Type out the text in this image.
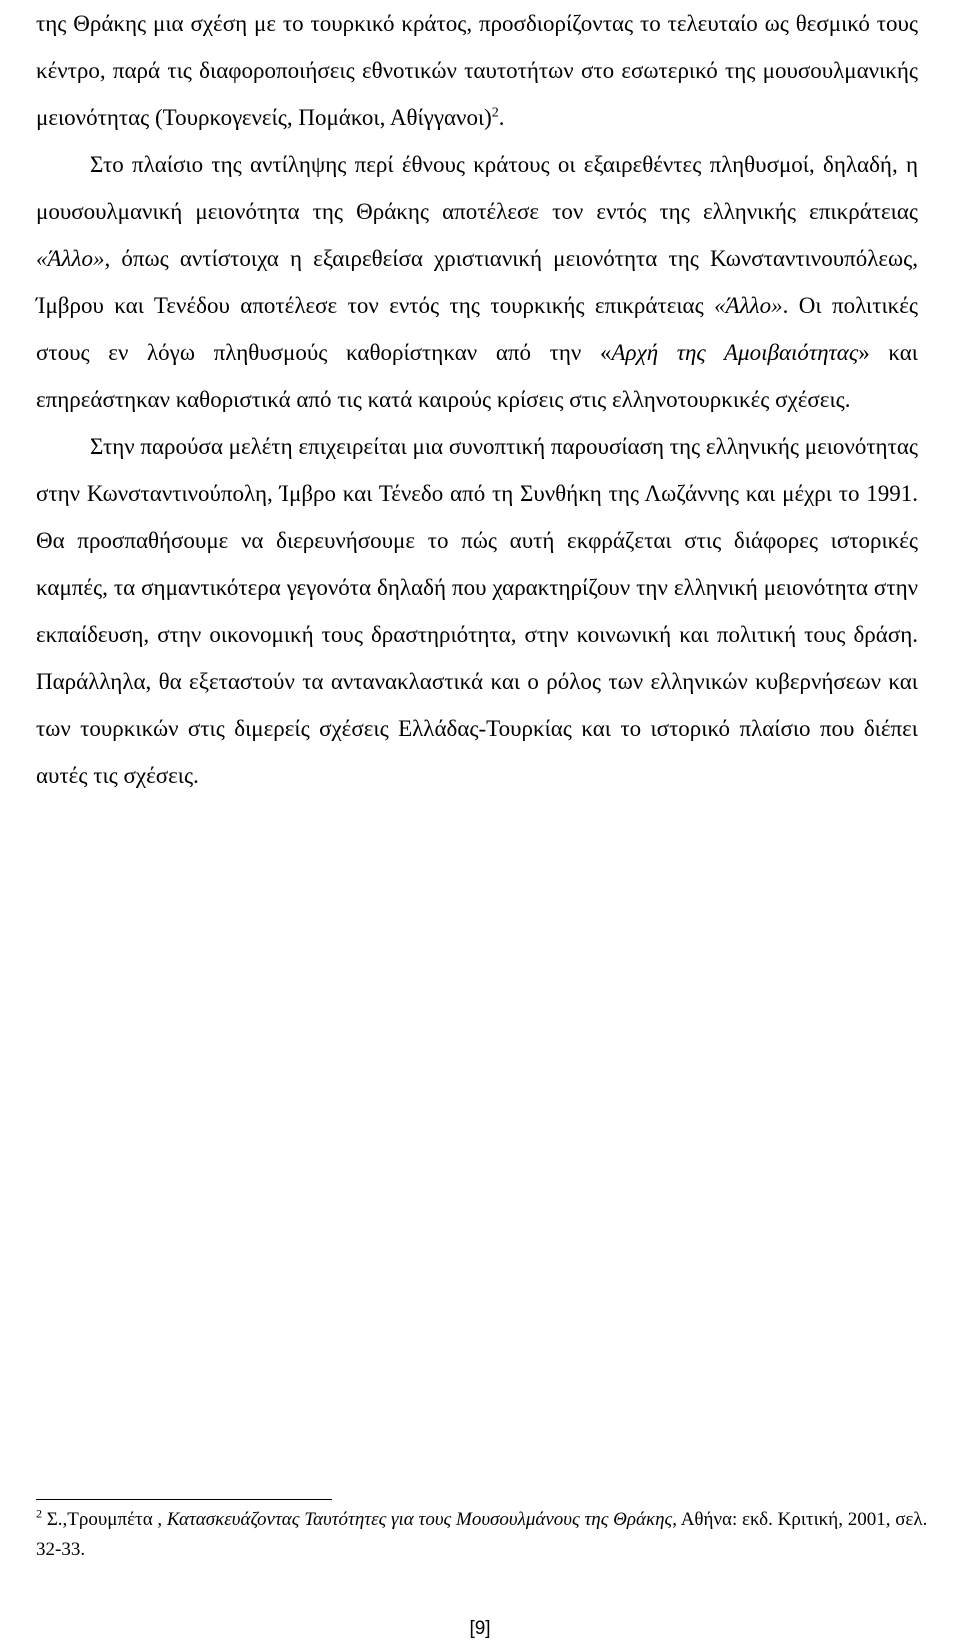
της Θράκης μια σχέση με το τουρκικό κράτος, προσδιορίζοντας το τελευταίο ως θεσμικό τους κέντρο, παρά τις διαφοροποιήσεις εθνοτικών ταυτοτήτων στο εσωτερικό της μουσουλμανικής μειονότητας (Τουρκογενείς, Πομάκοι, Αθίγγανοι)$^2$.

Στο πλαίσιο της αντίληψης περί έθνους κράτους οι εξαιρεθέντες πληθυσμοί, δηλαδή, η μουσουλμανική μειονότητα της Θράκης αποτέλεσε τον εντός της ελληνικής επικράτειας «Άλλο», όπως αντίστοιχα η εξαιρεθείσα χριστιανική μειονότητα της Κωνσταντινουπόλεως, Ίμβρου και Τενέδου αποτέλεσε τον εντός της τουρκικής επικράτειας «Άλλο». Οι πολιτικές στους εν λόγω πληθυσμούς καθορίστηκαν από την «Αρχή της Αμοιβαιότητας» και επηρεάστηκαν καθοριστικά από τις κατά καιρούς κρίσεις στις ελληνοτουρκικές σχέσεις.

Στην παρούσα μελέτη επιχειρείται μια συνοπτική παρουσίαση της ελληνικής μειονότητας στην Κωνσταντινούπολη, Ίμβρο και Τένεδο από τη Συνθήκη της Λωζάννης και μέχρι το 1991. Θα προσπαθήσουμε να διερευνήσουμε το πώς αυτή εκφράζεται στις διάφορες ιστορικές καμπές, τα σημαντικότερα γεγονότα δηλαδή που χαρακτηρίζουν την ελληνική μειονότητα στην εκπαίδευση, στην οικονομική τους δραστηριότητα, στην κοινωνική και πολιτική τους δράση. Παράλληλα, θα εξεταστούν τα αντανακλαστικά και ο ρόλος των ελληνικών κυβερνήσεων και των τουρκικών στις διμερείς σχέσεις Ελλάδας-Τουρκίας και το ιστορικό πλαίσιο που διέπει αυτές τις σχέσεις.

$^2$ Σ.,Τρουμπέτα , Κατασκευάζοντας Ταυτότητες για τους Μουσουλμάνους της Θράκης, Αθήνα: εκδ. Κριτική, 2001, σελ. 32-33.
[9]
